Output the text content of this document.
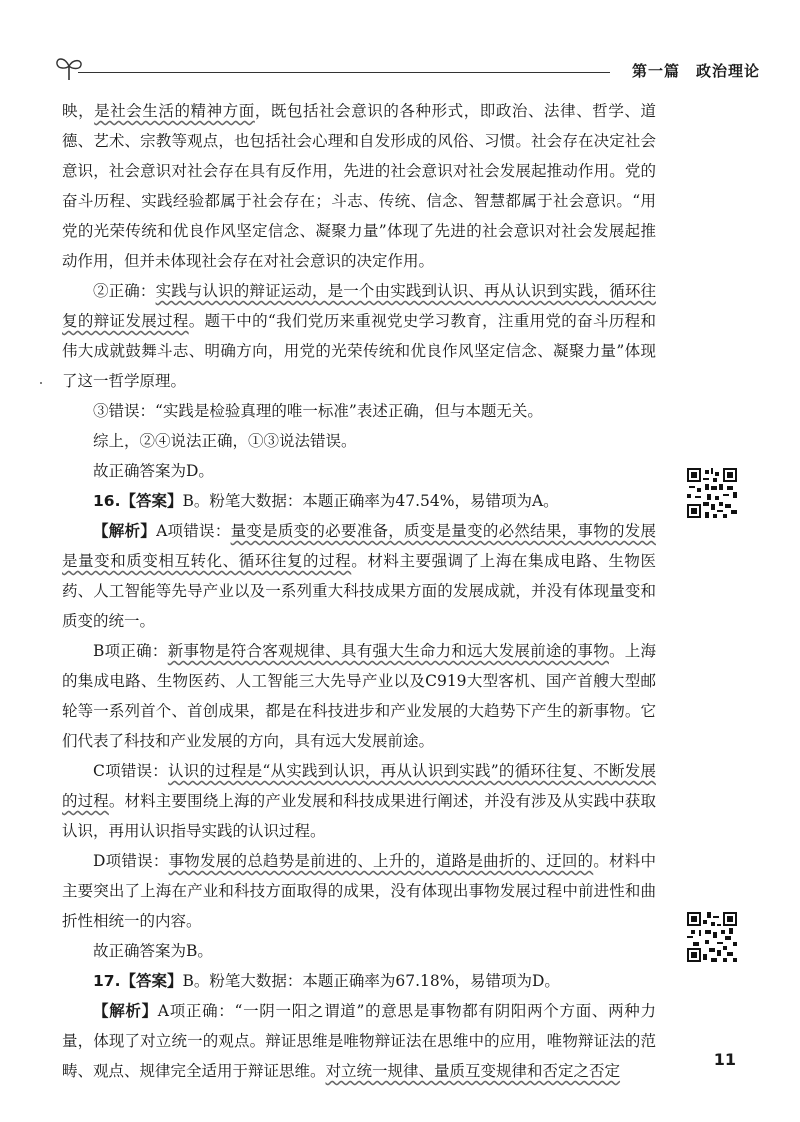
第一篇　政治理论

映，是社会生活的精神方面，既包括社会意识的各种形式，即政治、法律、哲学、道德、艺术、宗教等观点，也包括社会心理和自发形成的风俗、习惯。社会存在决定社会意识，社会意识对社会存在具有反作用，先进的社会意识对社会发展起推动作用。党的奋斗历程、实践经验都属于社会存在；斗志、传统、信念、智慧都属于社会意识。“用党的光荣传统和优良作风坚定信念、凝聚力量”体现了先进的社会意识对社会发展起推动作用，但并未体现社会存在对社会意识的决定作用。

②正确：实践与认识的辩证运动，是一个由实践到认识、再从认识到实践，循环往复的辩证发展过程。题干中的“我们党历来重视党史学习教育，注重用党的奋斗历程和伟大成就鼓舞斗志、明确方向，用党的光荣传统和优良作风坚定信念、凝聚力量”体现了这一哲学原理。

③错误：“实践是检验真理的唯一标准”表述正确，但与本题无关。

综上，②④说法正确，①③说法错误。

故正确答案为D。

16.【答案】B。粉笔大数据：本题正确率为47.54%，易错项为A。

【解析】A项错误：量变是质变的必要准备，质变是量变的必然结果，事物的发展是量变和质变相互转化、循环往复的过程。材料主要强调了上海在集成电路、生物医药、人工智能等先导产业以及一系列重大科技成果方面的发展成就，并没有体现量变和质变的统一。

B项正确：新事物是符合客观规律、具有强大生命力和远大发展前途的事物。上海的集成电路、生物医药、人工智能三大先导产业以及C919大型客机、国产首艘大型邮轮等一系列首个、首创成果，都是在科技进步和产业发展的大趋势下产生的新事物。它们代表了科技和产业发展的方向，具有远大发展前途。

C项错误：认识的过程是“从实践到认识，再从认识到实践”的循环往复、不断发展的过程。材料主要围绕上海的产业发展和科技成果进行阐述，并没有涉及从实践中获取认识，再用认识指导实践的认识过程。

D项错误：事物发展的总趋势是前进的、上升的，道路是曲折的、迂回的。材料中主要突出了上海在产业和科技方面取得的成果，没有体现出事物发展过程中前进性和曲折性相统一的内容。

故正确答案为B。

17.【答案】B。粉笔大数据：本题正确率为67.18%，易错项为D。

【解析】A项正确：“一阴一阳之谓道”的意思是事物都有阴阳两个方面、两种力量，体现了对立统一的观点。辩证思维是唯物辩证法在思维中的应用，唯物辩证法的范畴、观点、规律完全适用于辩证思维。对立统一规律、量质互变规律和否定之否定

11
